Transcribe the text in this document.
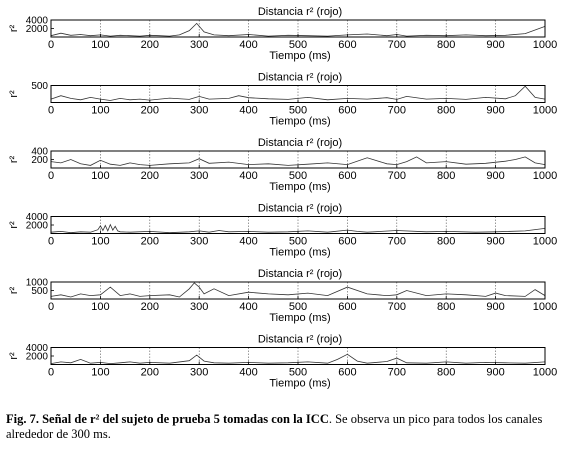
Distancia r² (rojo)
0	100	200	300	400	500	600	700	800	900	1000
2000
4000
r²
Tiempo (ms)
Distancia r² (rojo)
0	100	200	300	400	500	600	700	800	900	1000
500
r²
Tiempo (ms)
Distancia r² (rojo)
0	100	200	300	400	500	600	700	800	900	1000
200
400
r²
Tiempo (ms)
Distancia r² (rojo)
0	100	200	300	400	500	600	700	800	900	1000
2000
4000
r²
Tiempo (ms)
Distancia r² (rojo)
0	100	200	300	400	500	600	700	800	900	1000
500
1000
r²
Tiempo (ms)
Distancia r² (rojo)
0	100	200	300	400	500	600	700	800	900	1000
2000
4000
r²
Tiempo (ms)
Fig. 7. Señal de r² del sujeto de prueba 5 tomadas con la ICC. Se observa un pico para todos los canales alrededor de 300 ms.
